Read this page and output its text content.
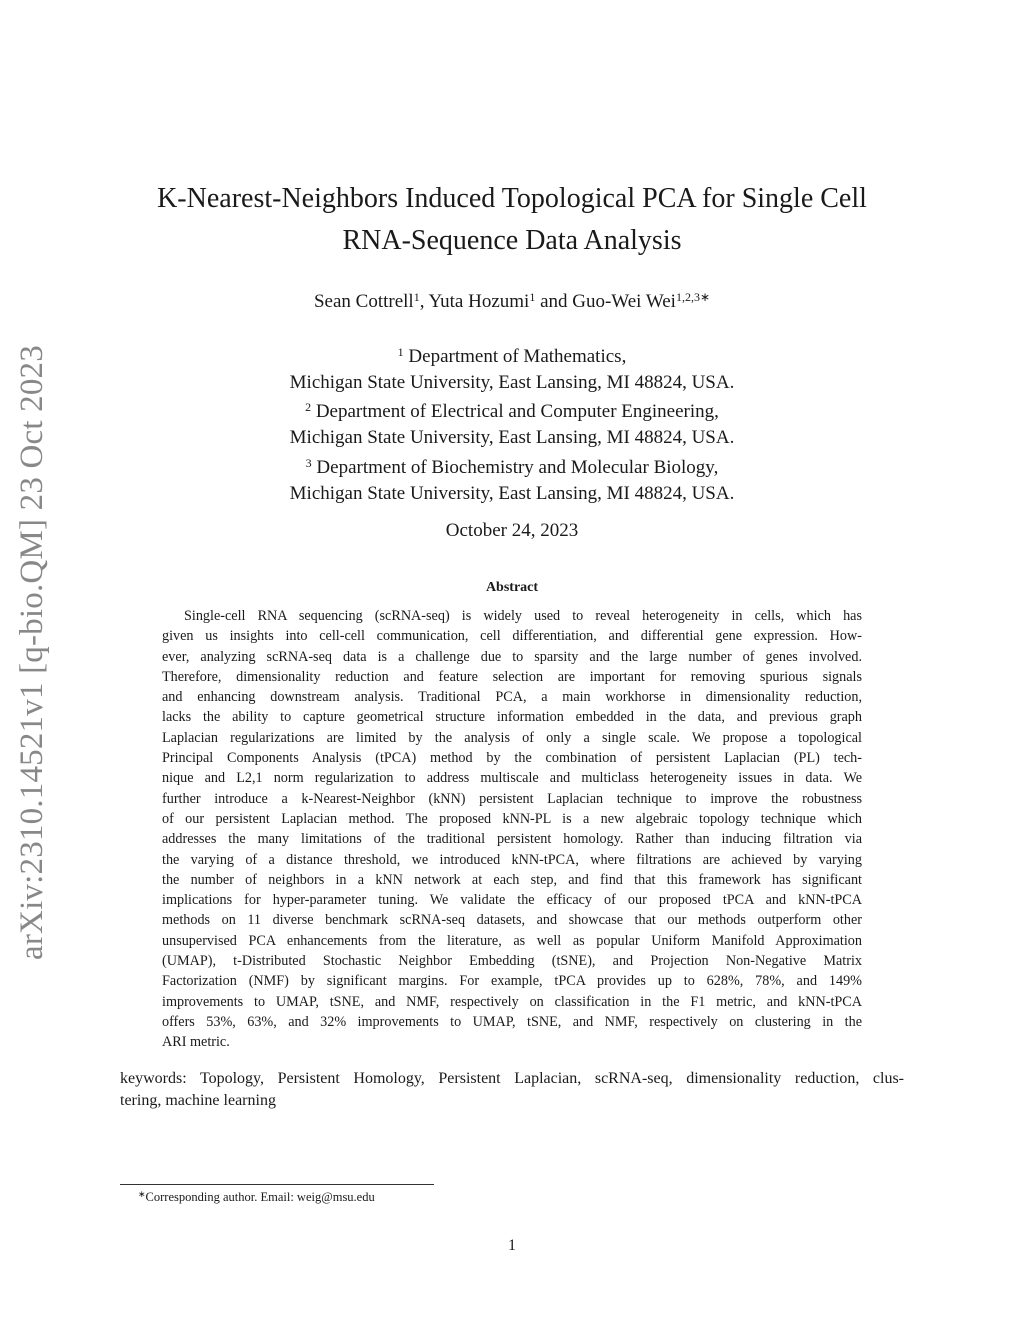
arXiv:2310.14521v1 [q-bio.QM] 23 Oct 2023
K-Nearest-Neighbors Induced Topological PCA for Single Cell
RNA-Sequence Data Analysis
Sean Cottrell$^1$, Yuta Hozumi$^1$ and Guo-Wei Wei$^{1,2,3∗}$
$^1$ Department of Mathematics,
Michigan State University, East Lansing, MI 48824, USA.
$^2$ Department of Electrical and Computer Engineering,
Michigan State University, East Lansing, MI 48824, USA.
$^3$ Department of Biochemistry and Molecular Biology,
Michigan State University, East Lansing, MI 48824, USA.
October 24, 2023
Abstract
Single-cell RNA sequencing (scRNA-seq) is widely used to reveal heterogeneity in cells, which has
given us insights into cell-cell communication, cell differentiation, and differential gene expression. How-
ever, analyzing scRNA-seq data is a challenge due to sparsity and the large number of genes involved.
Therefore, dimensionality reduction and feature selection are important for removing spurious signals
and enhancing downstream analysis. Traditional PCA, a main workhorse in dimensionality reduction,
lacks the ability to capture geometrical structure information embedded in the data, and previous graph
Laplacian regularizations are limited by the analysis of only a single scale. We propose a topological
Principal Components Analysis (tPCA) method by the combination of persistent Laplacian (PL) tech-
nique and L2,1 norm regularization to address multiscale and multiclass heterogeneity issues in data. We
further introduce a k-Nearest-Neighbor (kNN) persistent Laplacian technique to improve the robustness
of our persistent Laplacian method. The proposed kNN-PL is a new algebraic topology technique which
addresses the many limitations of the traditional persistent homology. Rather than inducing filtration via
the varying of a distance threshold, we introduced kNN-tPCA, where filtrations are achieved by varying
the number of neighbors in a kNN network at each step, and find that this framework has significant
implications for hyper-parameter tuning. We validate the efficacy of our proposed tPCA and kNN-tPCA
methods on 11 diverse benchmark scRNA-seq datasets, and showcase that our methods outperform other
unsupervised PCA enhancements from the literature, as well as popular Uniform Manifold Approximation
(UMAP), t-Distributed Stochastic Neighbor Embedding (tSNE), and Projection Non-Negative Matrix
Factorization (NMF) by significant margins. For example, tPCA provides up to 628%, 78%, and 149%
improvements to UMAP, tSNE, and NMF, respectively on classification in the F1 metric, and kNN-tPCA
offers 53%, 63%, and 32% improvements to UMAP, tSNE, and NMF, respectively on clustering in the
ARI metric.
keywords: Topology, Persistent Homology, Persistent Laplacian, scRNA-seq, dimensionality reduction, clus-
tering, machine learning
∗Corresponding author. Email: weig@msu.edu
1
